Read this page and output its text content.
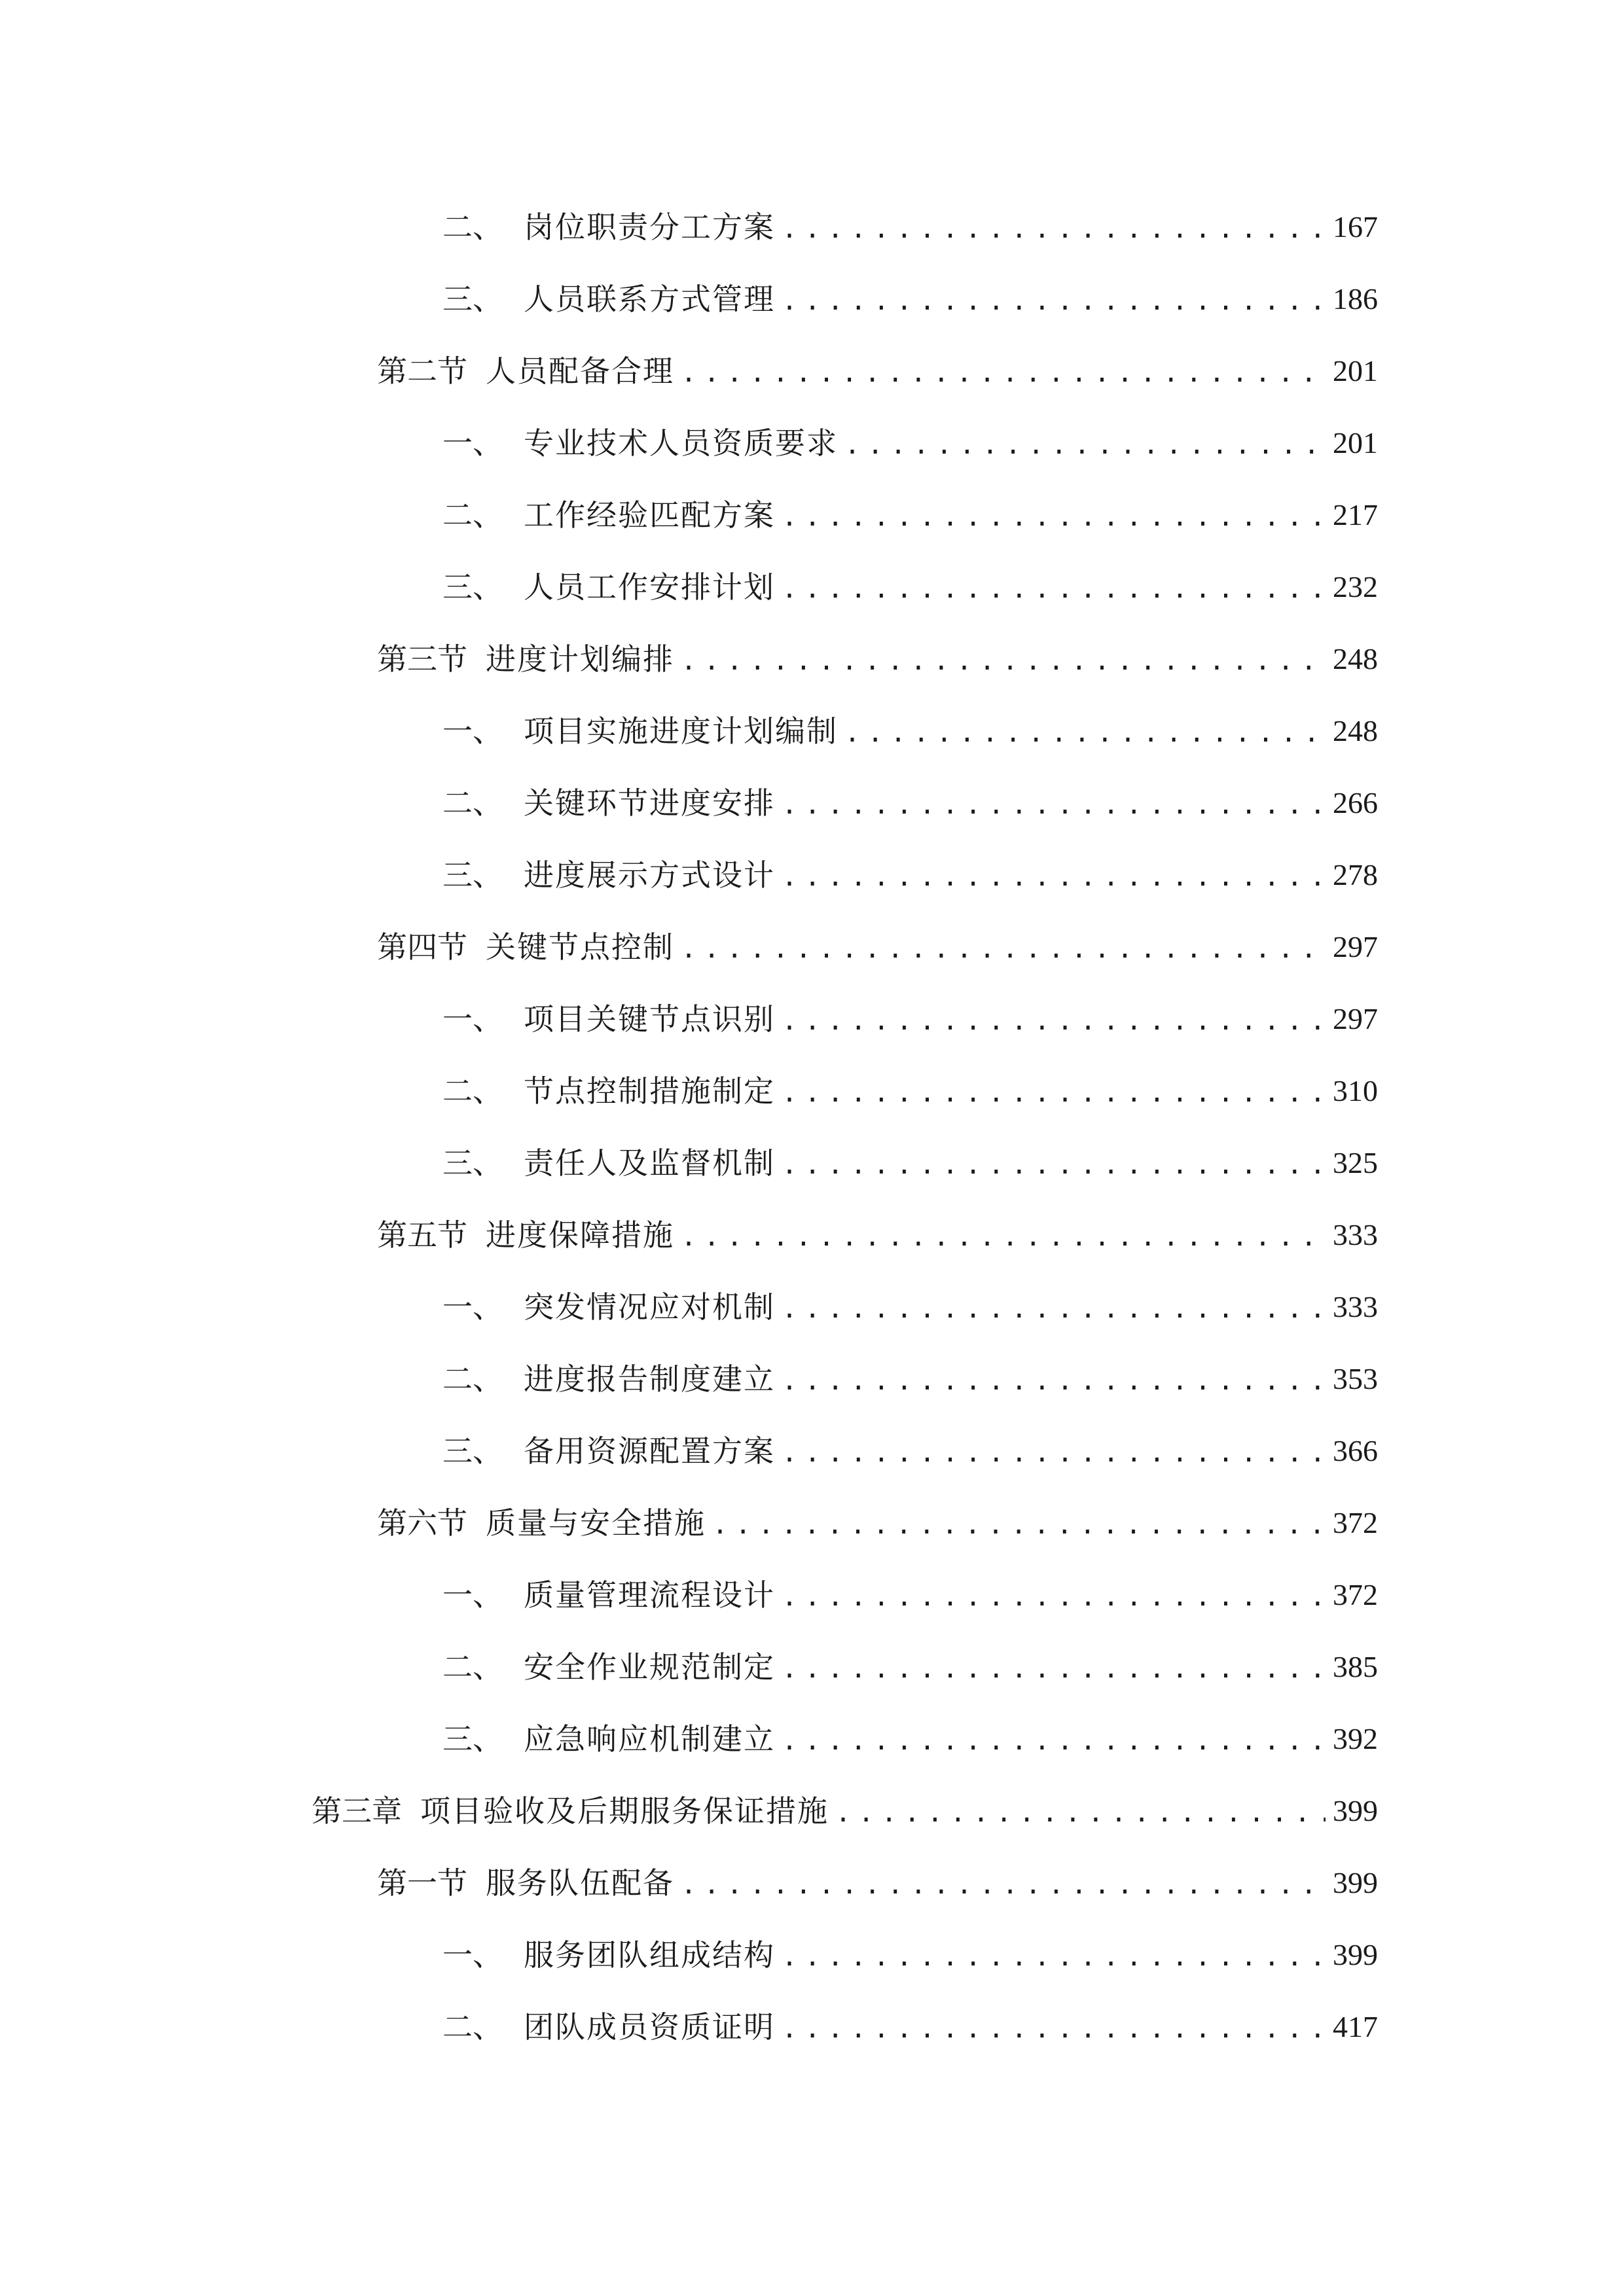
二、 岗位职责分工方案 .....	167
三、 人员联系方式管理 .....	186
第二节 人员配备合理 .....	201
一、 专业技术人员资质要求 .....	201
二、 工作经验匹配方案 .....	217
三、 人员工作安排计划 .....	232
第三节 进度计划编排 .....	248
一、 项目实施进度计划编制 .....	248
二、 关键环节进度安排 .....	266
三、 进度展示方式设计 .....	278
第四节 关键节点控制 .....	297
一、 项目关键节点识别 .....	297
二、 节点控制措施制定 .....	310
三、 责任人及监督机制 .....	325
第五节 进度保障措施 .....	333
一、 突发情况应对机制 .....	333
二、 进度报告制度建立 .....	353
三、 备用资源配置方案 .....	366
第六节 质量与安全措施 .....	372
一、 质量管理流程设计 .....	372
二、 安全作业规范制定 .....	385
三、 应急响应机制建立 .....	392
第三章 项目验收及后期服务保证措施 .....	399
第一节 服务队伍配备 .....	399
一、 服务团队组成结构 .....	399
二、 团队成员资质证明 .....	417
